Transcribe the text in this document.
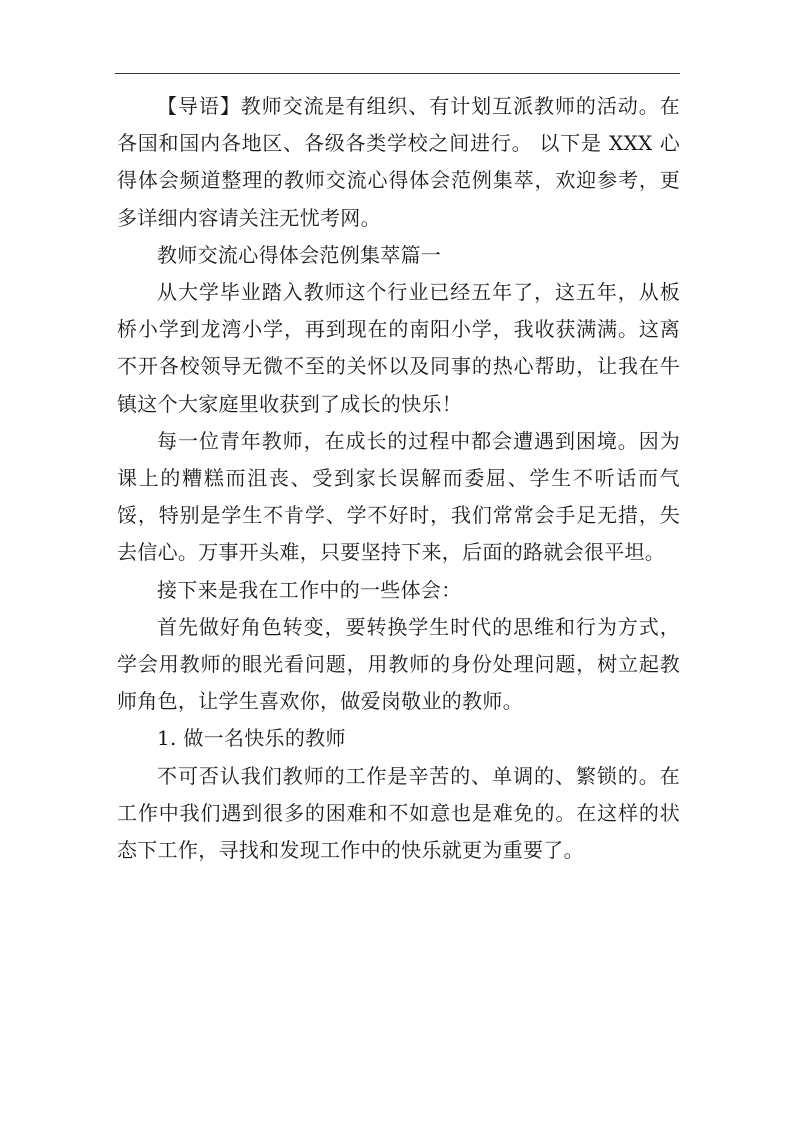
【导语】教师交流是有组织、有计划互派教师的活动。在各国和国内各地区、各级各类学校之间进行。 以下是 XXX 心得体会频道整理的教师交流心得体会范例集萃，欢迎参考，更多详细内容请关注无忧考网。

教师交流心得体会范例集萃篇一

从大学毕业踏入教师这个行业已经五年了，这五年，从板桥小学到龙湾小学，再到现在的南阳小学，我收获满满。这离不开各校领导无微不至的关怀以及同事的热心帮助，让我在牛镇这个大家庭里收获到了成长的快乐！

每一位青年教师，在成长的过程中都会遭遇到困境。因为课上的糟糕而沮丧、受到家长误解而委屈、学生不听话而气馁，特别是学生不肯学、学不好时，我们常常会手足无措，失去信心。万事开头难，只要坚持下来，后面的路就会很平坦。

接下来是我在工作中的一些体会：

首先做好角色转变，要转换学生时代的思维和行为方式，学会用教师的眼光看问题，用教师的身份处理问题，树立起教师角色，让学生喜欢你，做爱岗敬业的教师。

1. 做一名快乐的教师

不可否认我们教师的工作是辛苦的、单调的、繁锁的。在工作中我们遇到很多的困难和不如意也是难免的。在这样的状态下工作，寻找和发现工作中的快乐就更为重要了。
